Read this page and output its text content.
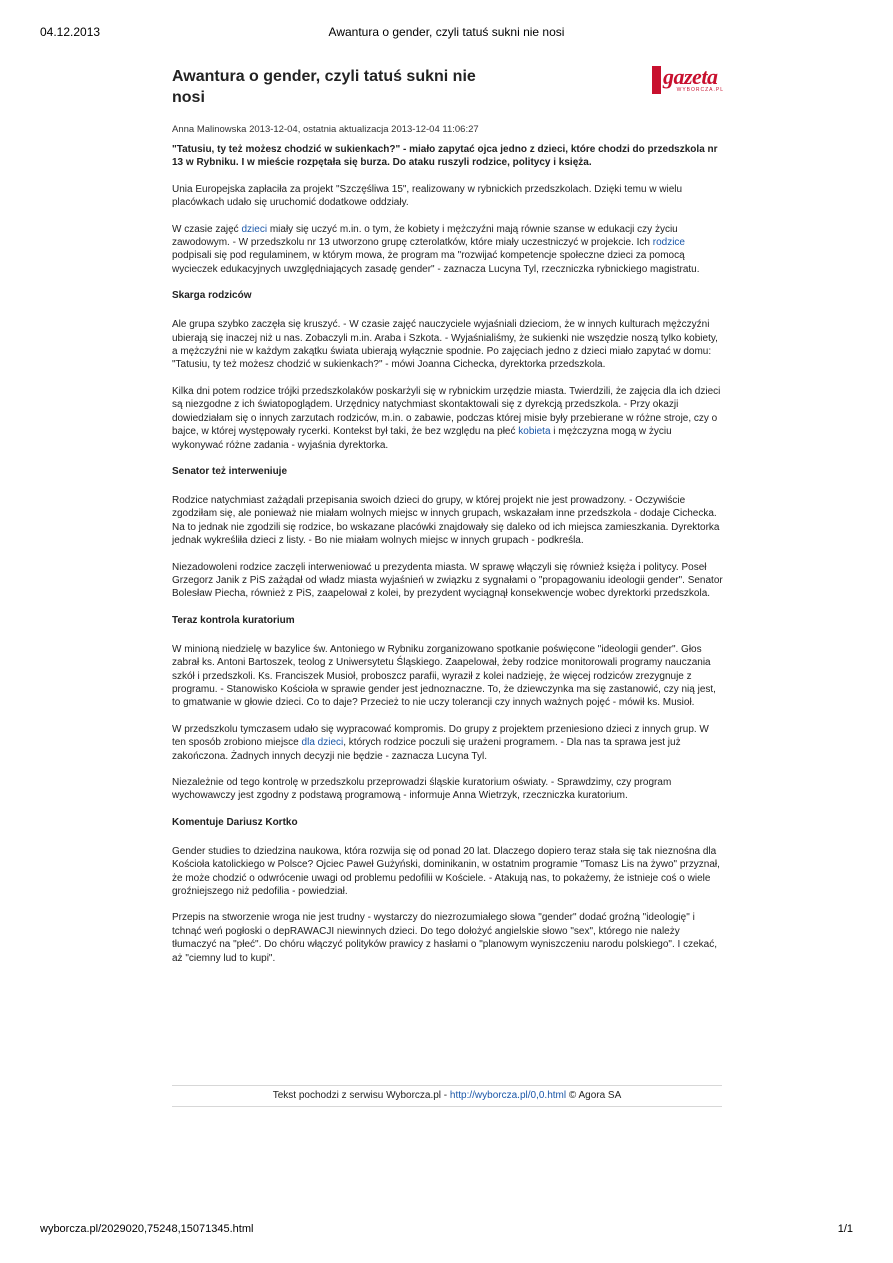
04.12.2013	Awantura o gender, czyli tatuś sukni nie nosi
gazeta
WYBORCZA.PL
Awantura o gender, czyli tatuś sukni nie nosi
Anna Malinowska 2013-12-04, ostatnia aktualizacja 2013-12-04 11:06:27

"Tatusiu, ty też możesz chodzić w sukienkach?" - miało zapytać ojca jedno z dzieci, które chodzi do przedszkola nr 13 w Rybniku. I w mieście rozpętała się burza. Do ataku ruszyli rodzice, politycy i księża.

Unia Europejska zapłaciła za projekt "Szczęśliwa 15", realizowany w rybnickich przedszkolach. Dzięki temu w wielu placówkach udało się uruchomić dodatkowe oddziały.

W czasie zajęć dzieci miały się uczyć m.in. o tym, że kobiety i mężczyźni mają równie szanse w edukacji czy życiu zawodowym. - W przedszkolu nr 13 utworzono grupę czterolatków, które miały uczestniczyć w projekcie. Ich rodzice podpisali się pod regulaminem, w którym mowa, że program ma "rozwijać kompetencje społeczne dzieci za pomocą wycieczek edukacyjnych uwzględniających zasadę gender" - zaznacza Lucyna Tyl, rzeczniczka rybnickiego magistratu.

Skarga rodziców

Ale grupa szybko zaczęła się kruszyć. - W czasie zajęć nauczyciele wyjaśniali dzieciom, że w innych kulturach mężczyźni ubierają się inaczej niż u nas. Zobaczyli m.in. Araba i Szkota. - Wyjaśnialiśmy, że sukienki nie wszędzie noszą tylko kobiety, a mężczyźni nie w każdym zakątku świata ubierają wyłącznie spodnie. Po zajęciach jedno z dzieci miało zapytać w domu: "Tatusiu, ty też możesz chodzić w sukienkach?" - mówi Joanna Cichecka, dyrektorka przedszkola.

Kilka dni potem rodzice trójki przedszkolaków poskarżyli się w rybnickim urzędzie miasta. Twierdzili, że zajęcia dla ich dzieci są niezgodne z ich światopoglądem. Urzędnicy natychmiast skontaktowali się z dyrekcją przedszkola. - Przy okazji dowiedziałam się o innych zarzutach rodziców, m.in. o zabawie, podczas której misie były przebierane w różne stroje, czy o bajce, w której występowały rycerki. Kontekst był taki, że bez względu na płeć kobieta i mężczyzna mogą w życiu wykonywać różne zadania - wyjaśnia dyrektorka.

Senator też interweniuje

Rodzice natychmiast zażądali przepisania swoich dzieci do grupy, w której projekt nie jest prowadzony. - Oczywiście zgodziłam się, ale ponieważ nie miałam wolnych miejsc w innych grupach, wskazałam inne przedszkola - dodaje Cichecka. Na to jednak nie zgodzili się rodzice, bo wskazane placówki znajdowały się daleko od ich miejsca zamieszkania. Dyrektorka jednak wykreśliła dzieci z listy. - Bo nie miałam wolnych miejsc w innych grupach - podkreśla.

Niezadowoleni rodzice zaczęli interweniować u prezydenta miasta. W sprawę włączyli się również księża i politycy. Poseł Grzegorz Janik z PiS zażądał od władz miasta wyjaśnień w związku z sygnałami o "propagowaniu ideologii gender". Senator Bolesław Piecha, również z PiS, zaapelował z kolei, by prezydent wyciągnął konsekwencje wobec dyrektorki przedszkola.

Teraz kontrola kuratorium

W minioną niedzielę w bazylice św. Antoniego w Rybniku zorganizowano spotkanie poświęcone "ideologii gender". Głos zabrał ks. Antoni Bartoszek, teolog z Uniwersytetu Śląskiego. Zaapelował, żeby rodzice monitorowali programy nauczania szkół i przedszkoli. Ks. Franciszek Musioł, proboszcz parafii, wyraził z kolei nadzieję, że więcej rodziców zrezygnuje z programu. - Stanowisko Kościoła w sprawie gender jest jednoznaczne. To, że dziewczynka ma się zastanowić, czy nią jest, to gmatwanie w głowie dzieci. Co to daje? Przecież to nie uczy tolerancji czy innych ważnych pojęć - mówił ks. Musioł.

W przedszkolu tymczasem udało się wypracować kompromis. Do grupy z projektem przeniesiono dzieci z innych grup. W ten sposób zrobiono miejsce dla dzieci, których rodzice poczuli się urażeni programem. - Dla nas ta sprawa jest już zakończona. Żadnych innych decyzji nie będzie - zaznacza Lucyna Tyl.

Niezależnie od tego kontrolę w przedszkolu przeprowadzi śląskie kuratorium oświaty. - Sprawdzimy, czy program wychowawczy jest zgodny z podstawą programową - informuje Anna Wietrzyk, rzeczniczka kuratorium.

Komentuje Dariusz Kortko

Gender studies to dziedzina naukowa, która rozwija się od ponad 20 lat. Dlaczego dopiero teraz stała się tak nieznośna dla Kościoła katolickiego w Polsce? Ojciec Paweł Gużyński, dominikanin, w ostatnim programie "Tomasz Lis na żywo" przyznał, że może chodzić o odwrócenie uwagi od problemu pedofilii w Kościele. - Atakują nas, to pokażemy, że istnieje coś o wiele groźniejszego niż pedofilia - powiedział.

Przepis na stworzenie wroga nie jest trudny - wystarczy do niezrozumiałego słowa "gender" dodać groźną "ideologię" i tchnąć weń pogłoski o depRAWACJI niewinnych dzieci. Do tego dołożyć angielskie słowo "sex", którego nie należy tłumaczyć na "płeć". Do chóru włączyć polityków prawicy z hasłami o "planowym wyniszczeniu narodu polskiego". I czekać, aż "ciemny lud to kupi".

Tekst pochodzi z serwisu Wyborcza.pl - http://wyborcza.pl/0,0.html © Agora SA
wyborcza.pl/2029020,75248,15071345.html	1/1
